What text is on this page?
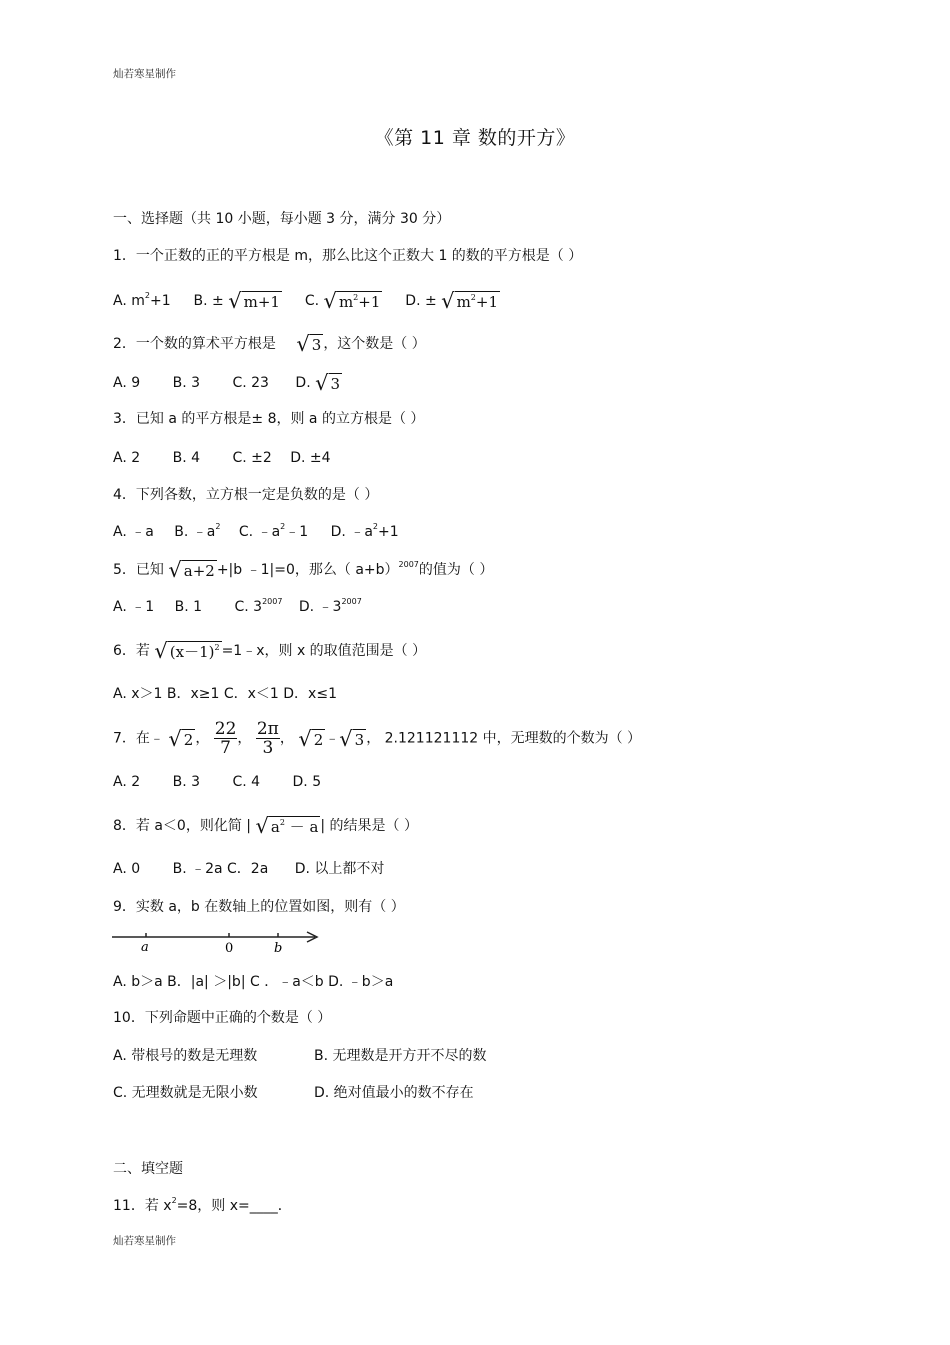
灿若寒星制作
灿若寒星制作
《第 11 章 数的开方》
一、选择题（共 10 小题，每小题 3 分，满分 30 分）
1．一个正数的正的平方根是 m，那么比这个正数大 1 的数的平方根是（ ）
A. $m^2+1$ B. ± √ m+1 C. √ $m^2+1$ D. ± √ $m^2+1$
2．一个数的算术平方根是 √ 3 ，这个数是（ ）
A. 9 B. 3 C. 23 D. √ 3
3．已知 a 的平方根是± 8，则 a 的立方根是（ ）
A. 2 B. 4 C. ±2 D. ±4
4．下列各数，立方根一定是负数的是（ ）
A. ﹣a B. $﹣a^2$ C. $﹣a^2﹣1$ D. $﹣a^2+1$
5．已知 √ a+2 +|b ﹣1|=0，那么（ a+b）$^{2007}$的值为（ ）
A. ﹣1 B. 1 C. $3^{2007}$ D. $﹣3^{2007}$
6．若 √ $(x-1)^2$ =1﹣x，则 x 的取值范围是（ ）
A. x＞1 B．x≥1 C．x＜1 D．x≤1
7．在﹣ √ 2 ， $\frac{22}{7}$ ， $\frac{2\pi}{3}$ ， √ 2 ﹣ √ 3 ， 2.121121112 中，无理数的个数为（ ）
A. 2 B. 3 C. 4 D. 5
8．若 a＜0，则化简 | √ $a^2 - a$ | 的结果是（ ）
A. 0 B. ﹣2a C．2a D. 以上都不对
9．实数 a，b 在数轴上的位置如图，则有（ ）
a	0	b
A. b＞a B．|a| ＞|b| C ．﹣a＜b D. ﹣b＞a
10．下列命题中正确的个数是（ ）
A. 带根号的数是无理数	B. 无理数是开方开不尽的数
C. 无理数就是无限小数	D. 绝对值最小的数不存在
二、填空题
11．若 $x^2=8$，则 x=____．
